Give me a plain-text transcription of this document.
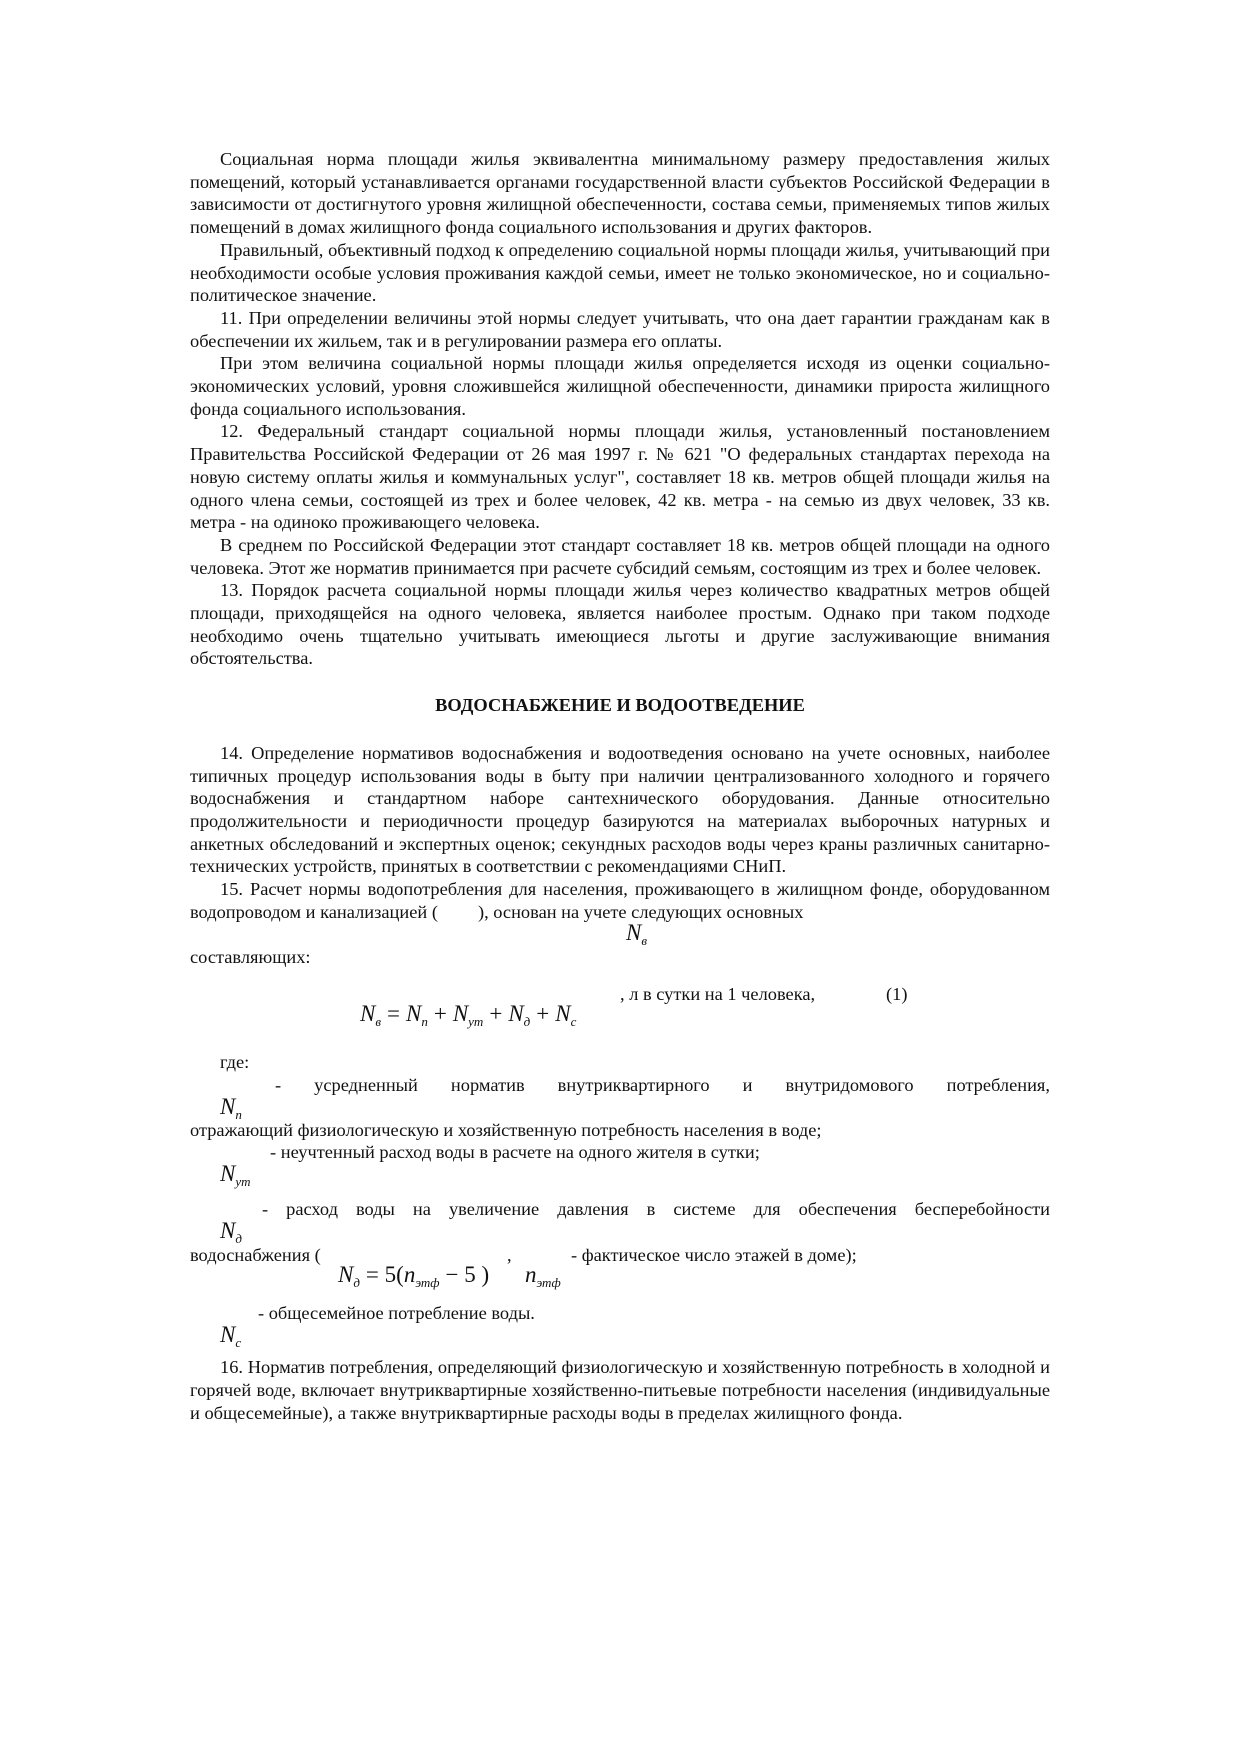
Социальная норма площади жилья эквивалентна минимальному размеру предоставления жилых помещений, который устанавливается органами государственной власти субъектов Российской Федерации в зависимости от достигнутого уровня жилищной обеспеченности, состава семьи, применяемых типов жилых помещений в домах жилищного фонда социального использования и других факторов.

Правильный, объективный подход к определению социальной нормы площади жилья, учитывающий при необходимости особые условия проживания каждой семьи, имеет не только экономическое, но и социально-политическое значение.

11. При определении величины этой нормы следует учитывать, что она дает гарантии гражданам как в обеспечении их жильем, так и в регулировании размера его оплаты.

При этом величина социальной нормы площади жилья определяется исходя из оценки социально-экономических условий, уровня сложившейся жилищной обеспеченности, динамики прироста жилищного фонда социального использования.

12. Федеральный стандарт социальной нормы площади жилья, установленный постановлением Правительства Российской Федерации от 26 мая 1997 г. № 621 "О федеральных стандартах перехода на новую систему оплаты жилья и коммунальных услуг", составляет 18 кв. метров общей площади жилья на одного члена семьи, состоящей из трех и более человек, 42 кв. метра - на семью из двух человек, 33 кв. метра - на одиноко проживающего человека.

В среднем по Российской Федерации этот стандарт составляет 18 кв. метров общей площади на одного человека. Этот же норматив принимается при расчете субсидий семьям, состоящим из трех и более человек.

13. Порядок расчета социальной нормы площади жилья через количество квадратных метров общей площади, приходящейся на одного человека, является наиболее простым. Однако при таком подходе необходимо очень тщательно учитывать имеющиеся льготы и другие заслуживающие внимания обстоятельства.

ВОДОСНАБЖЕНИЕ И ВОДООТВЕДЕНИЕ

14. Определение нормативов водоснабжения и водоотведения основано на учете основных, наиболее типичных процедур использования воды в быту при наличии централизованного холодного и горячего водоснабжения и стандартном наборе сантехнического оборудования. Данные относительно продолжительности и периодичности процедур базируются на материалах выборочных натурных и анкетных обследований и экспертных оценок; секундных расходов воды через краны различных санитарно-технических устройств, принятых в соответствии с рекомендациями СНиП.

15. Расчет нормы водопотребления для населения, проживающего в жилищном фонде, оборудованном водопроводом и канализацией ( ), основан на учете следующих основных

$N_в$

составляющих:

$N_в = N_п + N_{ут} + N_д + N_с$
, л в сутки на 1 человека,	(1)

где:

- усредненный норматив внутриквартирного и внутридомового потребления,
$N_п$

отражающий физиологическую и хозяйственную потребность населения в воде;

- неучтенный расход воды в расчете на одного жителя в сутки;
$N_{ут}$
- расход воды на увеличение давления в системе для обеспечения бесперебойности
$N_д$
водоснабжения (	,	- фактическое число этажей в доме);
$N_д = 5(n_{этф} - 5$ ) $n_{этф}$
- общесемейное потребление воды.
$N_с$

16. Норматив потребления, определяющий физиологическую и хозяйственную потребность в холодной и горячей воде, включает внутриквартирные хозяйственно-питьевые потребности населения (индивидуальные и общесемейные), а также внутриквартирные расходы воды в пределах жилищного фонда.
